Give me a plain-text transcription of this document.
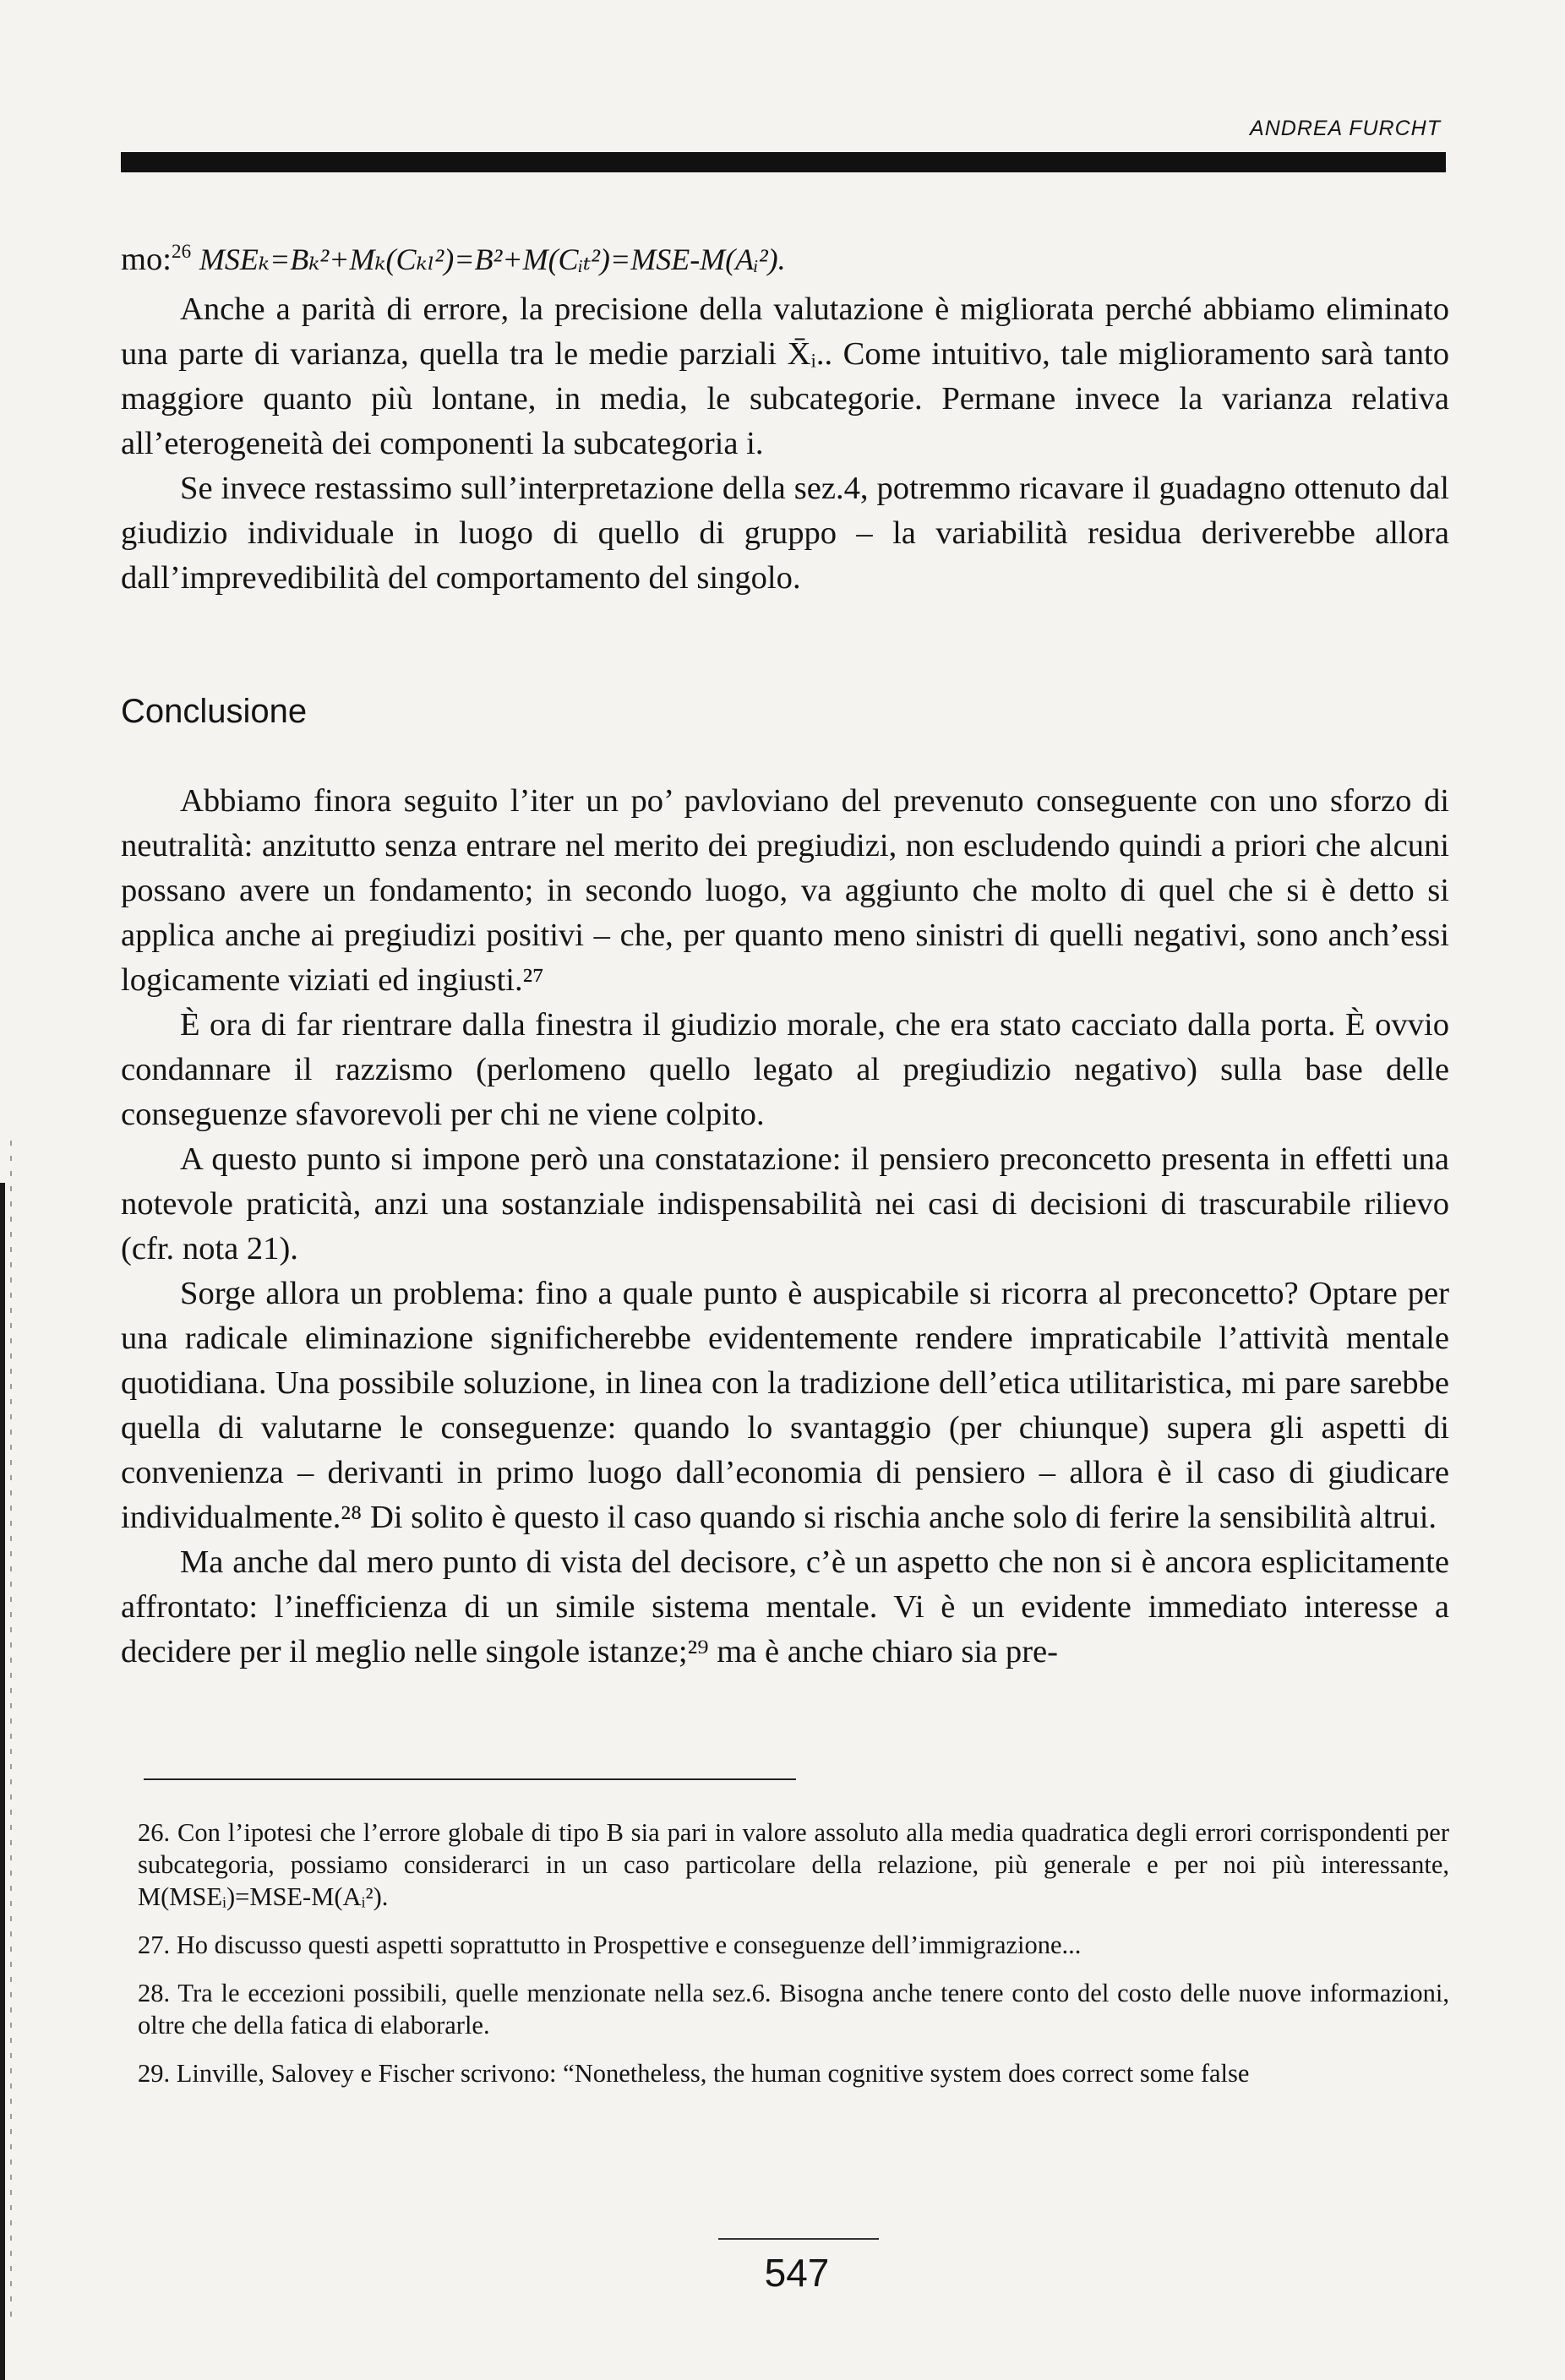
ANDREA FURCHT
mo:$^{26}$ MSEₖ=Bₖ²+Mₖ(Cₖₗ²)=B²+M(Cᵢₜ²)=MSE-M(Aᵢ²).

Anche a parità di errore, la precisione della valutazione è migliorata perché abbiamo eliminato una parte di varianza, quella tra le medie parziali X̄ᵢ.. Come intuitivo, tale miglioramento sarà tanto maggiore quanto più lontane, in media, le subcategorie. Permane invece la varianza relativa all’eterogeneità dei componenti la subcategoria i.

Se invece restassimo sull’interpretazione della sez.4, potremmo ricavare il guadagno ottenuto dal giudizio individuale in luogo di quello di gruppo – la variabilità residua deriverebbe allora dall’imprevedibilità del comportamento del singolo.

Conclusione

Abbiamo finora seguito l’iter un po’ pavloviano del prevenuto conseguente con uno sforzo di neutralità: anzitutto senza entrare nel merito dei pregiudizi, non escludendo quindi a priori che alcuni possano avere un fondamento; in secondo luogo, va aggiunto che molto di quel che si è detto si applica anche ai pregiudizi positivi – che, per quanto meno sinistri di quelli negativi, sono anch’essi logicamente viziati ed ingiusti.²⁷

È ora di far rientrare dalla finestra il giudizio morale, che era stato cacciato dalla porta. È ovvio condannare il razzismo (perlomeno quello legato al pregiudizio negativo) sulla base delle conseguenze sfavorevoli per chi ne viene colpito.

A questo punto si impone però una constatazione: il pensiero preconcetto presenta in effetti una notevole praticità, anzi una sostanziale indispensabilità nei casi di decisioni di trascurabile rilievo (cfr. nota 21).

Sorge allora un problema: fino a quale punto è auspicabile si ricorra al preconcetto? Optare per una radicale eliminazione significherebbe evidentemente rendere impraticabile l’attività mentale quotidiana. Una possibile soluzione, in linea con la tradizione dell’etica utilitaristica, mi pare sarebbe quella di valutarne le conseguenze: quando lo svantaggio (per chiunque) supera gli aspetti di convenienza – derivanti in primo luogo dall’economia di pensiero – allora è il caso di giudicare individualmente.²⁸ Di solito è questo il caso quando si rischia anche solo di ferire la sensibilità altrui.

Ma anche dal mero punto di vista del decisore, c’è un aspetto che non si è ancora esplicitamente affrontato: l’inefficienza di un simile sistema mentale. Vi è un evidente immediato interesse a decidere per il meglio nelle singole istanze;²⁹ ma è anche chiaro sia pre-

26. Con l’ipotesi che l’errore globale di tipo B sia pari in valore assoluto alla media quadratica degli errori corrispondenti per subcategoria, possiamo considerarci in un caso particolare della relazione, più generale e per noi più interessante, M(MSEᵢ)=MSE-M(Aᵢ²).

27. Ho discusso questi aspetti soprattutto in Prospettive e conseguenze dell’immigrazione...

28. Tra le eccezioni possibili, quelle menzionate nella sez.6. Bisogna anche tenere conto del costo delle nuove informazioni, oltre che della fatica di elaborarle.

29. Linville, Salovey e Fischer scrivono: “Nonetheless, the human cognitive system does correct some false

547
